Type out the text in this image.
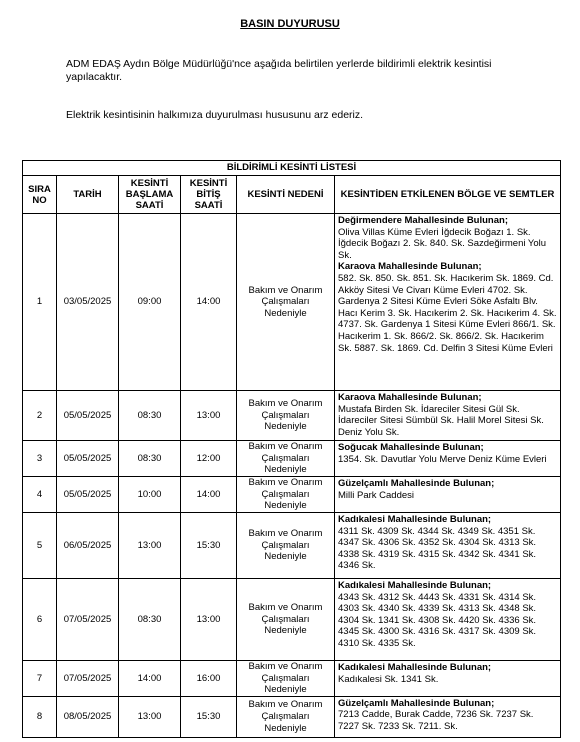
BASIN DUYURUSU
ADM EDAŞ Aydın Bölge Müdürlüğü'nce aşağıda belirtilen yerlerde bildirimli elektrik kesintisi yapılacaktır.
Elektrik kesintisinin halkımıza duyurulması hususunu arz ederiz.
BİLDİRİMLİ KESİNTİ LİSTESİ					
SIRA NO	TARİH	KESİNTİ BAŞLAMA SAATİ	KESİNTİ BİTİŞ SAATİ	KESİNTİ NEDENİ	KESİNTİDEN ETKİLENEN BÖLGE VE SEMTLER
1	03/05/2025	09:00	14:00	Bakım ve Onarım Çalışmaları Nedeniyle	Değirmendere Mahallesinde Bulunan;
Oliva Villas Küme Evleri İğdecik Boğazı 1. Sk. İğdecik Boğazı 2. Sk. 840. Sk. Sazdeğirmeni Yolu Sk.
Karaova Mahallesinde Bulunan;
582. Sk. 850. Sk. 851. Sk. Hacıkerim Sk. 1869. Cd. Akköy Sitesi Ve Civarı Küme Evleri 4702. Sk. Gardenya 2 Sitesi Küme Evleri Söke Asfaltı Blv. Hacı Kerim 3. Sk. Hacıkerim 2. Sk. Hacıkerim 4. Sk. 4737. Sk. Gardenya 1 Sitesi Küme Evleri 866/1. Sk. Hacıkerim 1. Sk. 866/2. Sk. 866/2. Sk. Hacıkerim Sk. 5887. Sk. 1869. Cd. Delfin 3 Sitesi Küme Evleri

2	05/05/2025	08:30	13:00	Bakım ve Onarım Çalışmaları Nedeniyle	Karaova Mahallesinde Bulunan;
Mustafa Birden Sk. İdareciler Sitesi Gül Sk. İdareciler Sitesi Sümbül Sk. Halil Morel Sitesi Sk. Deniz Yolu Sk.

3	05/05/2025	08:30	12:00	Bakım ve Onarım Çalışmaları Nedeniyle	Soğucak Mahallesinde Bulunan;
1354. Sk. Davutlar Yolu Merve Deniz Küme Evleri

4	05/05/2025	10:00	14:00	Bakım ve Onarım Çalışmaları Nedeniyle	Güzelçamlı Mahallesinde Bulunan;
Milli Park Caddesi

5	06/05/2025	13:00	15:30	Bakım ve Onarım Çalışmaları Nedeniyle	Kadıkalesi Mahallesinde Bulunan;
4311 Sk. 4309 Sk. 4344 Sk. 4349 Sk. 4351 Sk. 4347 Sk. 4306 Sk. 4352 Sk. 4304 Sk. 4313 Sk. 4338 Sk. 4319 Sk. 4315 Sk. 4342 Sk. 4341 Sk. 4346 Sk.

6	07/05/2025	08:30	13:00	Bakım ve Onarım Çalışmaları Nedeniyle	Kadıkalesi Mahallesinde Bulunan;
4343 Sk. 4312 Sk. 4443 Sk. 4331 Sk. 4314 Sk. 4303 Sk. 4340 Sk. 4339 Sk. 4313 Sk. 4348 Sk. 4304 Sk. 1341 Sk. 4308 Sk. 4420 Sk. 4336 Sk. 4345 Sk. 4300 Sk. 4316 Sk. 4317 Sk. 4309 Sk. 4310 Sk. 4335 Sk.

7	07/05/2025	14:00	16:00	Bakım ve Onarım Çalışmaları Nedeniyle	Kadıkalesi Mahallesinde Bulunan;
Kadıkalesi Sk. 1341 Sk.

8	08/05/2025	13:00	15:30	Bakım ve Onarım Çalışmaları Nedeniyle	Güzelçamlı Mahallesinde Bulunan;
7213 Cadde, Burak Cadde, 7236 Sk. 7237 Sk. 7227 Sk. 7233 Sk. 7211. Sk.
